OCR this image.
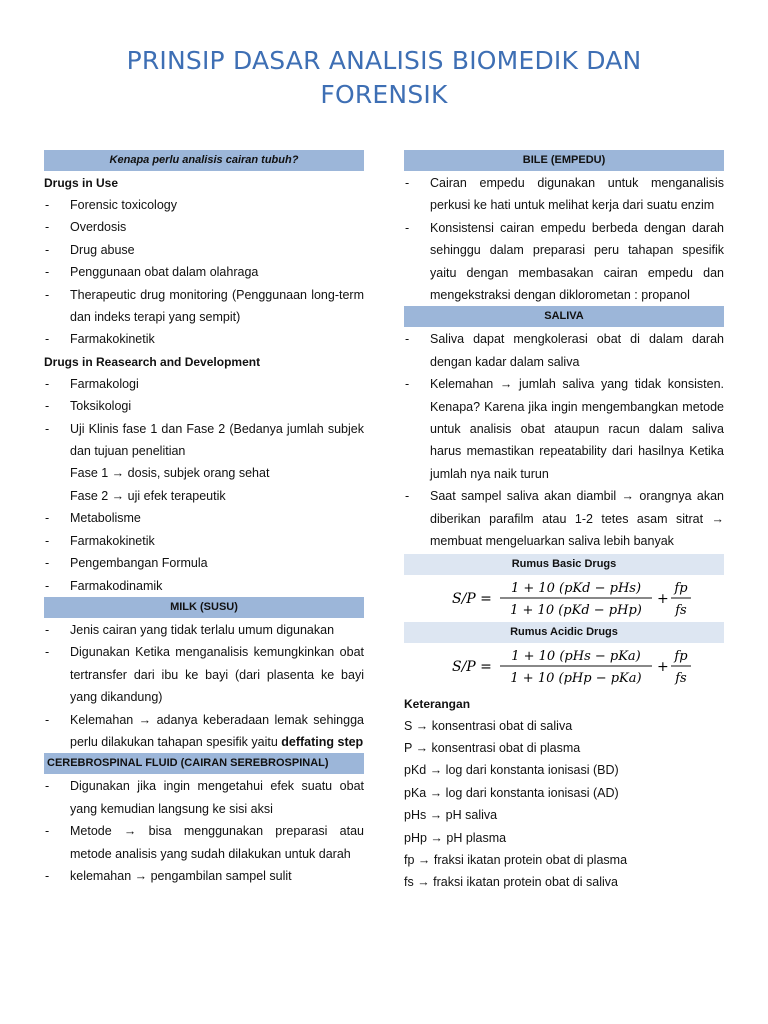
PRINSIP DASAR ANALISIS BIOMEDIK DAN
FORENSIK
Kenapa perlu analisis cairan tubuh?
Drugs in Use
- Forensic toxicology
- Overdosis
- Drug abuse
- Penggunaan obat dalam olahraga
- Therapeutic drug monitoring (Penggunaan long-term dan indeks terapi yang sempit)
- Farmakokinetik
Drugs in Reasearch and Development
- Farmakologi
- Toksikologi
- Uji Klinis fase 1 dan Fase 2 (Bedanya jumlah subjek dan tujuan penelitian
Fase 1 → dosis, subjek orang sehat
Fase 2 → uji efek terapeutik
- Metabolisme
- Farmakokinetik
- Pengembangan Formula
- Farmakodinamik
MILK (SUSU)
- Jenis cairan yang tidak terlalu umum digunakan
- Digunakan Ketika menganalisis kemungkinkan obat tertransfer dari ibu ke bayi (dari plasenta ke bayi yang dikandung)
- Kelemahan → adanya keberadaan lemak sehingga perlu dilakukan tahapan spesifik yaitu deffating step
CEREBROSPINAL FLUID (CAIRAN SEREBROSPINAL)
- Digunakan jika ingin mengetahui efek suatu obat yang kemudian langsung ke sisi aksi
- Metode → bisa menggunakan preparasi atau metode analisis yang sudah dilakukan untuk darah
- kelemahan → pengambilan sampel sulit
BILE (EMPEDU)
- Cairan empedu digunakan untuk menganalisis perkusi ke hati untuk melihat kerja dari suatu enzim
- Konsistensi cairan empedu berbeda dengan darah sehinggu dalam preparasi peru tahapan spesifik yaitu dengan membasakan cairan empedu dan mengekstraksi dengan diklorometan : propanol
SALIVA
- Saliva dapat mengkolerasi obat di dalam darah dengan kadar dalam saliva
- Kelemahan → jumlah saliva yang tidak konsisten. Kenapa? Karena jika ingin mengembangkan metode untuk analisis obat ataupun racun dalam saliva harus memastikan repeatability dari hasilnya Ketika jumlah nya naik turun
- Saat sampel saliva akan diambil → orangnya akan diberikan parafilm atau 1-2 tetes asam sitrat → membuat mengeluarkan saliva lebih banyak
Rumus Basic Drugs
S/P =
1 + 10 (pKd − pHs)
1 + 10 (pKd − pHp)
+
fp
fs
Rumus Acidic Drugs
S/P =
1 + 10 (pHs − pKa)
1 + 10 (pHp − pKa)
+
fp
fs
Keterangan
S → konsentrasi obat di saliva
P → konsentrasi obat di plasma
pKd → log dari konstanta ionisasi (BD)
pKa → log dari konstanta ionisasi (AD)
pHs → pH saliva
pHp → pH plasma
fp → fraksi ikatan protein obat di plasma
fs → fraksi ikatan protein obat di saliva
